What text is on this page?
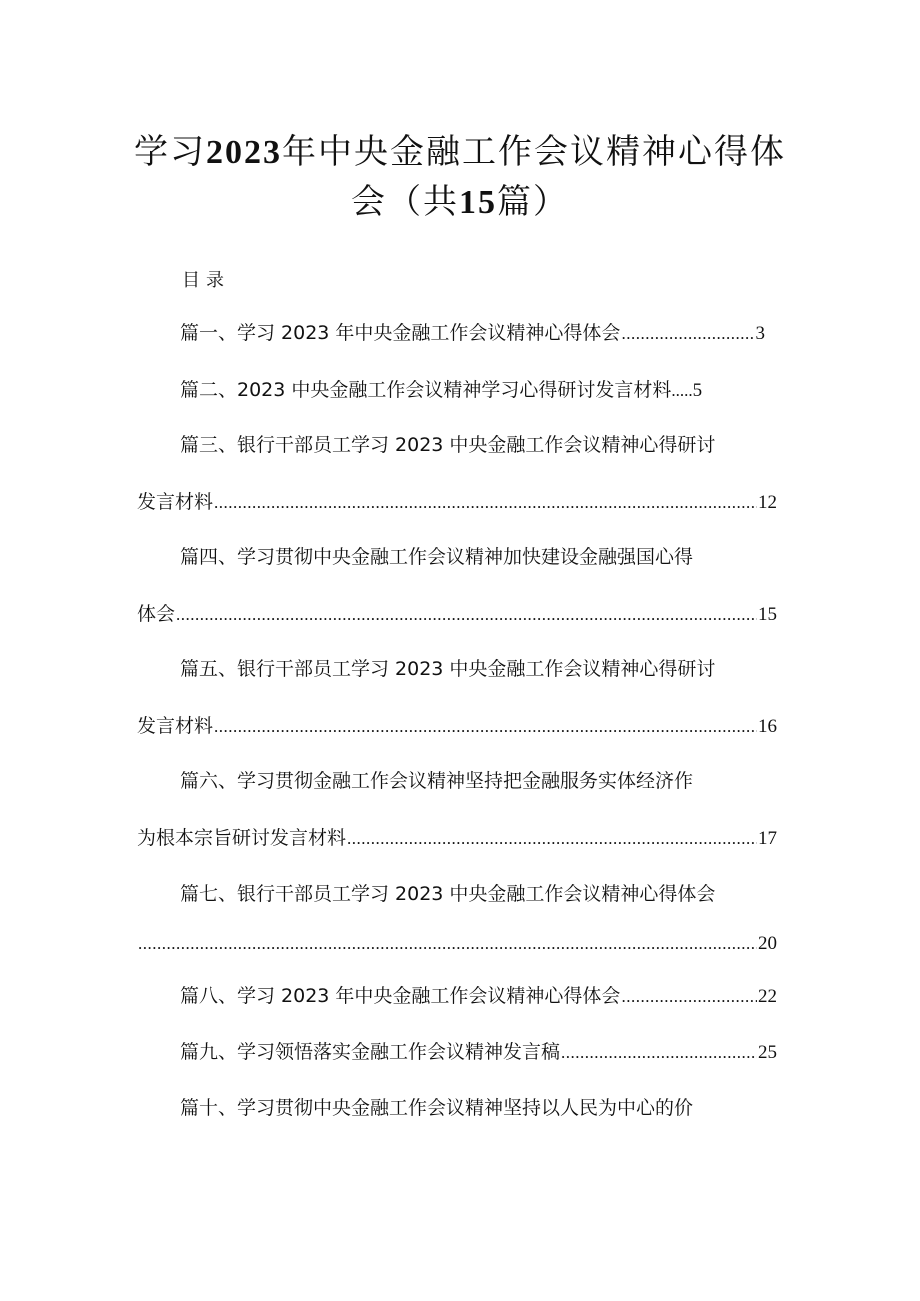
学习2023年中央金融工作会议精神心得体
会（共15篇）
目录
篇一、学习 2023 年中央金融工作会议精神心得体会 .....	3
篇二、2023 中央金融工作会议精神学习心得研讨发言材料 ..... 5
篇三、银行干部员工学习 2023 中央金融工作会议精神心得研讨
发言材料 .....	12
篇四、学习贯彻中央金融工作会议精神加快建设金融强国心得
体会 .....	15
篇五、银行干部员工学习 2023 中央金融工作会议精神心得研讨
发言材料 .....	16
篇六、学习贯彻金融工作会议精神坚持把金融服务实体经济作
为根本宗旨研讨发言材料 .....	17
篇七、银行干部员工学习 2023 中央金融工作会议精神心得体会
.....
20
篇八、学习 2023 年中央金融工作会议精神心得体会 .....	22
篇九、学习领悟落实金融工作会议精神发言稿 .....	25
篇十、学习贯彻中央金融工作会议精神坚持以人民为中心的价
